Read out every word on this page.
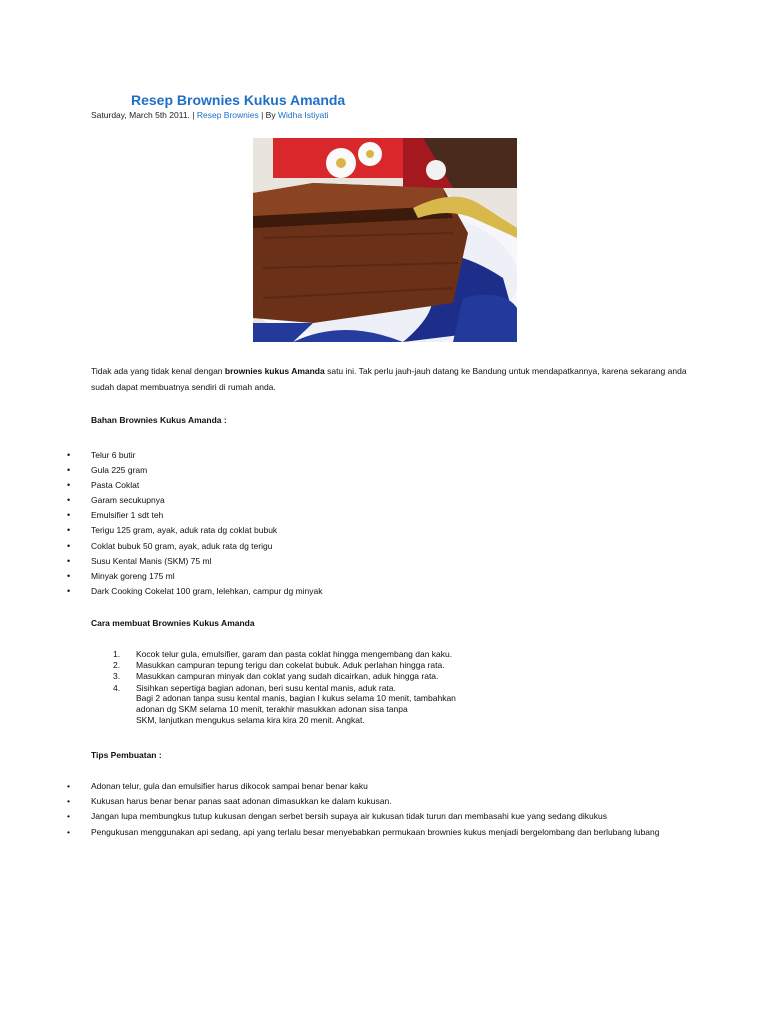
Resep Brownies Kukus Amanda
Saturday, March 5th 2011. | Resep Brownies | By Widha Istiyati

Tidak ada yang tidak kenal dengan brownies kukus Amanda satu ini. Tak perlu jauh-jauh datang ke Bandung untuk mendapatkannya, karena sekarang anda sudah dapat membuatnya sendiri di rumah anda.

Bahan Brownies Kukus Amanda :
• Telur 6 butir
• Gula 225 gram
• Pasta Coklat
• Garam secukupnya
• Emulsifier 1 sdt teh
• Terigu 125 gram, ayak, aduk rata dg coklat bubuk
• Coklat bubuk 50 gram, ayak, aduk rata dg terigu
• Susu Kental Manis (SKM) 75 ml
• Minyak goreng 175 ml
• Dark Cooking Cokelat 100 gram, lelehkan, campur dg minyak
Cara membuat Brownies Kukus Amanda
1. Kocok telur gula, emulsifier, garam dan pasta coklat hingga mengembang dan kaku.
2. Masukkan campuran tepung terigu dan cokelat bubuk. Aduk perlahan hingga rata.
3. Masukkan campuran minyak dan coklat yang sudah dicairkan, aduk hingga rata.
4. Sisihkan sepertiga bagian adonan, beri susu kental manis, aduk rata.
Bagi 2 adonan tanpa susu kental manis, bagian I kukus selama 10 menit, tambahkan
adonan dg SKM selama 10 menit, terakhir masukkan adonan sisa tanpa
SKM, lanjutkan mengukus selama kira kira 20 menit. Angkat.
Tips Pembuatan :
• Adonan telur, gula dan emulsifier harus dikocok sampai benar benar kaku
• Kukusan harus benar benar panas saat adonan dimasukkan ke dalam kukusan.
• Jangan lupa membungkus tutup kukusan dengan serbet bersih supaya air kukusan tidak turun dan membasahi kue yang sedang dikukus
• Pengukusan menggunakan api sedang, api yang terlalu besar menyebabkan permukaan brownies kukus menjadi bergelombang dan berlubang lubang
